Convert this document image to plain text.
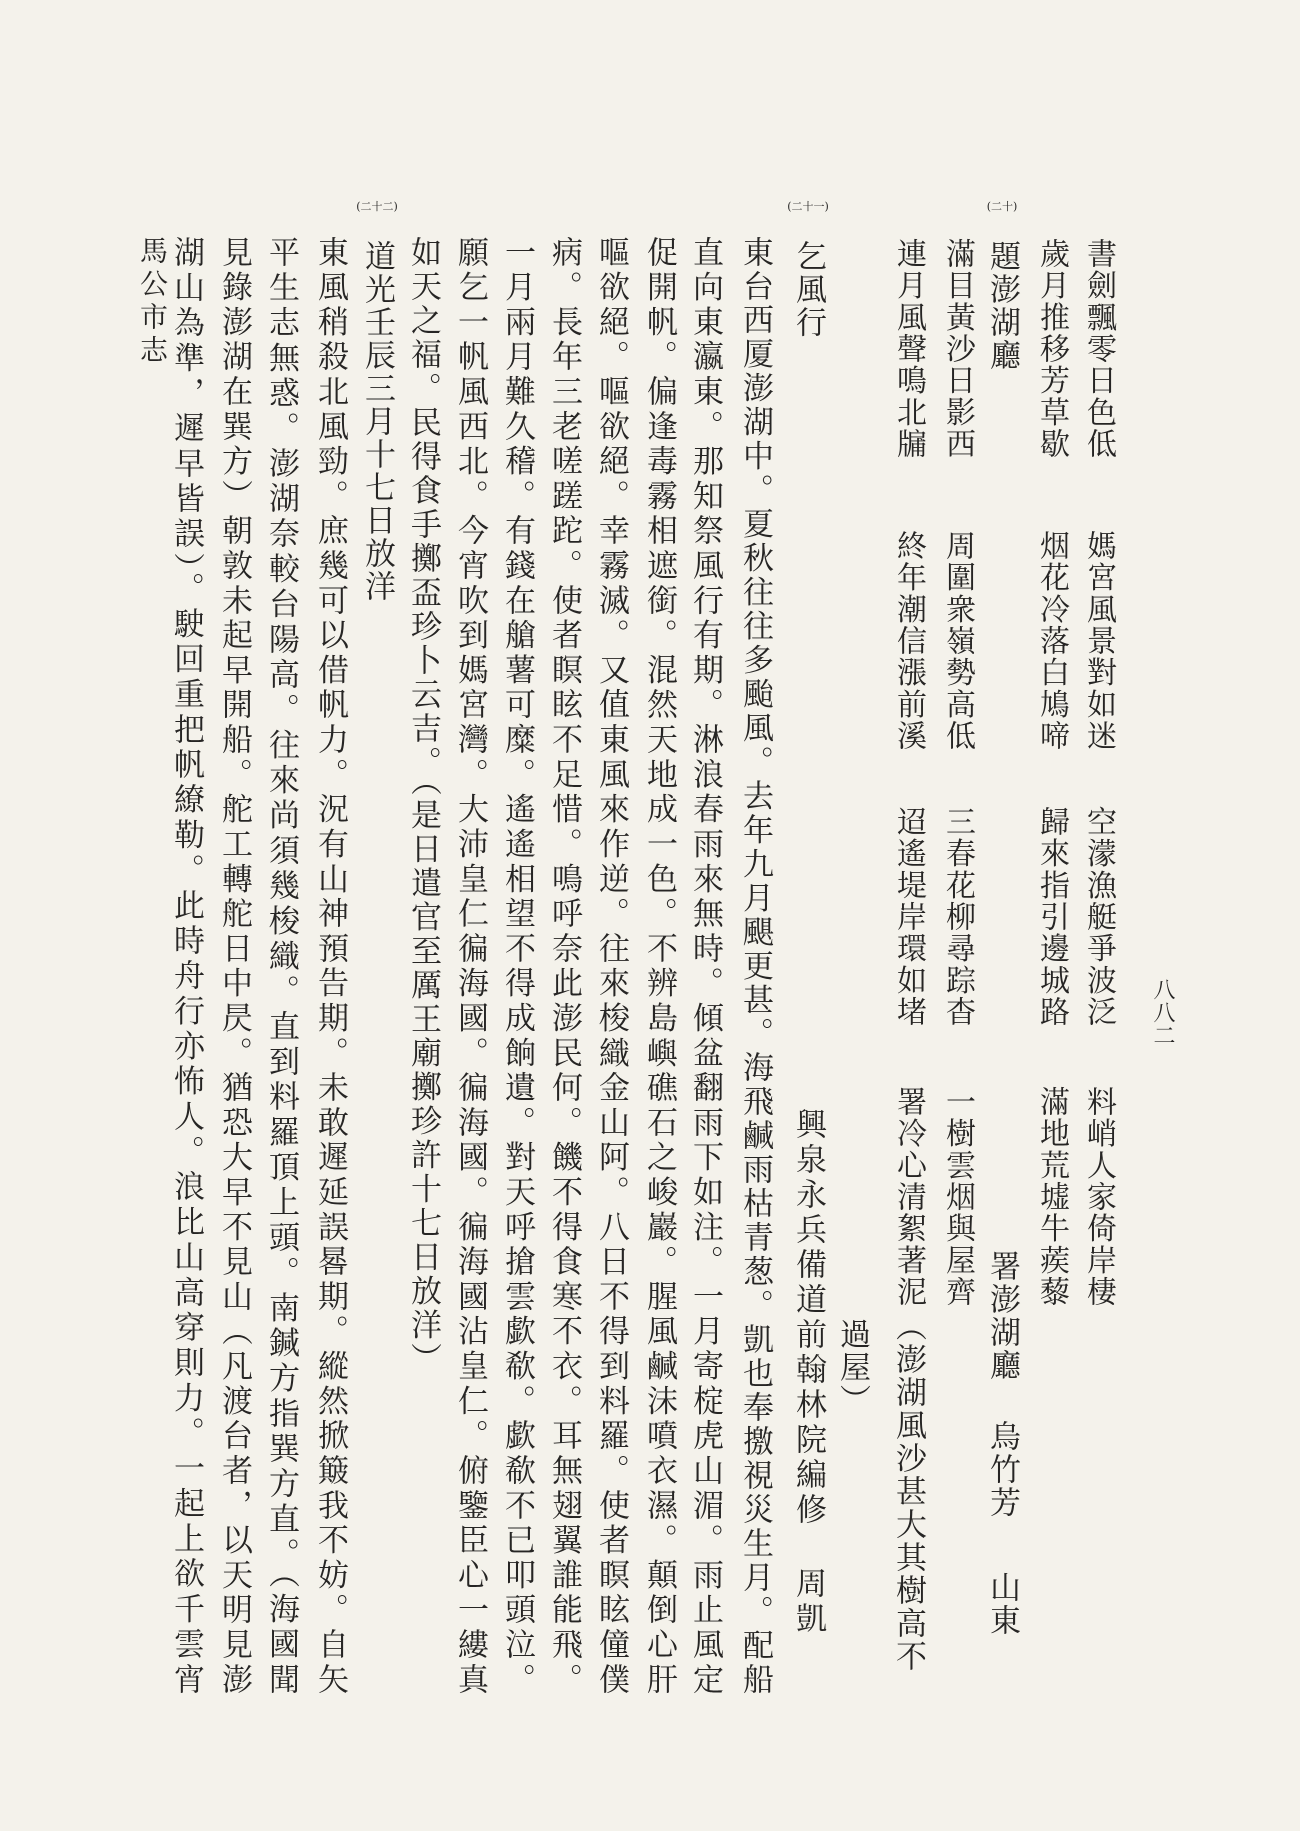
馬公市志
八八二
書劍飄零日色低
媽宮風景對如迷
空濛漁艇爭波泛
料峭人家倚岸棲
歲月推移芳草歇
烟花冷落白鳩啼
歸來指引邊城路
滿地荒墟牛蒺藜
(二十)
題澎湖廳
署澎湖廳
烏竹芳
山東
滿目黃沙日影西
周圍衆嶺勢高低
三春花柳尋踪杳
一樹雲烟與屋齊
連月風聲鳴北牖
終年潮信漲前溪
迢遙堤岸環如堵
署冷心清絮著泥
（澎湖風沙甚大其樹高不
過屋）
(二十一)
乞風行
興泉永兵備道前翰林院編修
周凱
東台西厦澎湖中。夏秋往往多颱風。去年九月颶更甚。海飛鹹雨枯青葱。凱也奉撽視災生月。配船
直向東瀛東。那知祭風行有期。淋浪春雨來無時。傾盆翻雨下如注。一月寄椗虎山湄。雨止風定
促開帆。偏逢毒霧相遮銜。混然天地成一色。不辨島嶼礁石之峻巖。腥風鹹沫噴衣濕。顛倒心肝
嘔欲絕。嘔欲絕。幸霧滅。又值東風來作逆。往來梭織金山阿。八日不得到料羅。使者瞑眩僮僕
病。長年三老嗟蹉跎。使者瞑眩不足惜。鳴呼奈此澎民何。饑不得食寒不衣。耳無翅翼誰能飛。
一月兩月難久稽。有錢在艙薯可糜。遙遙相望不得成餉遺。對天呼搶雲歔欷。歔欷不已叩頭泣。
願乞一帆風西北。今宵吹到媽宮灣。大沛皇仁徧海國。徧海國。徧海國沾皇仁。俯鑒臣心一縷真
如天之福。民得食手擲盃珍卜云吉。（是日遣官至厲王廟擲珍許十七日放洋）
(二十二)
道光壬辰三月十七日放洋
東風稍殺北風勁。庶幾可以借帆力。況有山神預告期。未敢遲延誤晷期。縱然掀簸我不妨。自矢
平生志無惑。澎湖奈較台陽高。往來尚須幾梭織。直到料羅頂上頭。南鍼方指巽方直。（海國聞
見錄澎湖在巽方）朝敦未起早開船。舵工轉舵日中昃。猶恐大早不見山（凡渡台者，以天明見澎
湖山為準，遲早皆誤）。駛回重把帆繚勒。此時舟行亦怖人。浪比山高穿則力。一起上欲千雲宵
